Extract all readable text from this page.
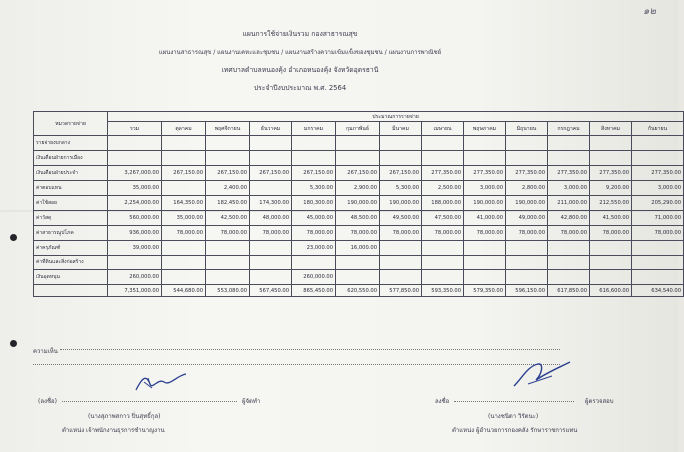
๑๒
แผนการใช้จ่ายเงินรวม กองสาธารณสุข
แผนงานสาธารณสุข / แผนงานเคหะและชุมชน / แผนงานสร้างความเข้มแข็งของชุมชน / แผนงานการพาณิชย์
เทศบาลตำบลหนองคุ้ง อำเภอหนองคุ้ง จังหวัดอุดรธานี
ประจำปีงบประมาณ พ.ศ. 2564
หมวดรายจ่าย	ประมาณการรายจ่าย												
	รวม	ตุลาคม	พฤศจิกายน	ธันวาคม	มกราคม	กุมภาพันธ์	มีนาคม	เมษายน	พฤษภาคม	มิถุนายน	กรกฎาคม	สิงหาคม	กันยายน
รายจ่ายงบกลาง													
เงินเดือนฝ่ายการเมือง													
เงินเดือนฝ่ายประจำ	3,267,000.00	267,150.00	267,150.00	267,150.00	267,150.00	267,150.00	267,150.00	277,350.00	277,350.00	277,350.00	277,350.00	277,350.00	277,350.00
ค่าตอบแทน	35,000.00		2,400.00		5,300.00	2,900.00	5,300.00	2,500.00	3,000.00	2,800.00	3,000.00	9,200.00	3,000.00
ค่าใช้สอย	2,254,000.00	164,350.00	182,450.00	174,300.00	180,300.00	190,000.00	190,000.00	188,000.00	190,000.00	190,000.00	211,000.00	212,550.00	205,290.00
ค่าวัสดุ	560,000.00	35,000.00	42,500.00	48,000.00	45,000.00	48,500.00	49,500.00	47,500.00	41,000.00	49,000.00	42,800.00	41,500.00	71,000.00
ค่าสาธารณูปโภค	936,000.00	78,000.00	78,000.00	78,000.00	78,000.00	78,000.00	78,000.00	78,000.00	78,000.00	78,000.00	78,000.00	78,000.00	78,000.00
ค่าครุภัณฑ์	39,000.00				23,000.00	16,000.00							
ค่าที่ดินและสิ่งก่อสร้าง													
เงินอุดหนุน	260,000.00				260,000.00								
	7,351,000.00	544,680.00	553,080.00	567,450.00	865,450.00	620,550.00	577,850.00	593,350.00	579,350.00	596,150.00	617,850.00	616,600.00	634,540.00
ความเห็น
(ลงชื่อ)	ผู้จัดทำ
(นางสุภาพสกาว ปิ่นสุทธิ์กุล)
ตำแหน่ง เจ้าพนักงานธุรการชำนาญงาน
ลงชื่อ	ผู้ตรวจสอบ
(นางชนิดา วิรัตนะ)
ตำแหน่ง ผู้อำนวยการกองคลัง รักษาราชการแทน
